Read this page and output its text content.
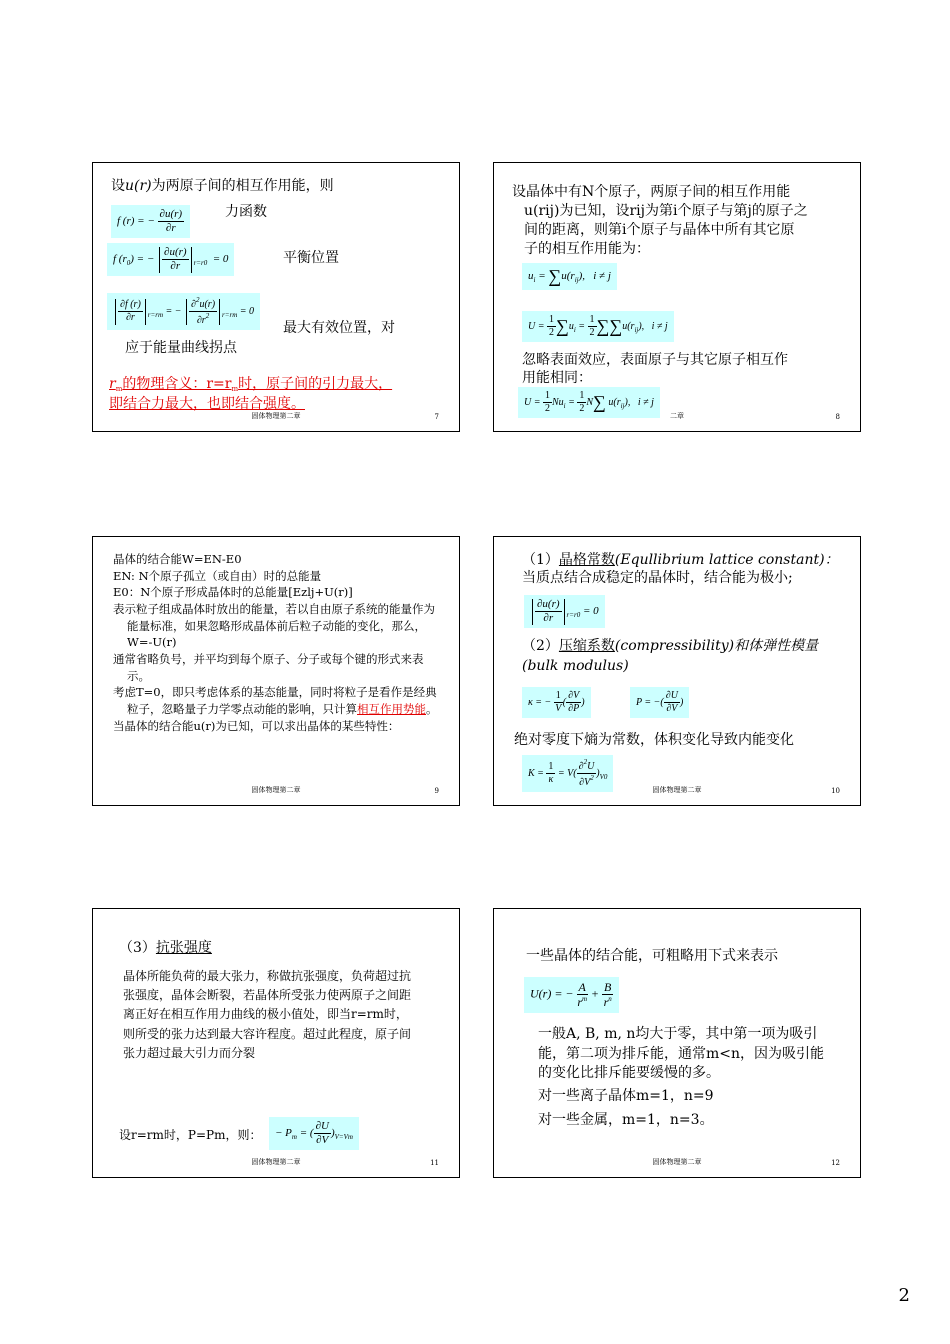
设u(r)为两原子间的相互作用能，则
f (r) = − $\frac{\partial u(r)}{\partial r}$	力函数
f $(r_0)$ = − $\frac{\partial u(r)}{\partial r} _{r=r0} = 0$	平衡位置
$\frac{\partial f (r)}{\partial r} _{r=rm}$ = − $\frac{\partial^2u(r)}{\partial r^2} _{r=rm} = 0$
最大有效位置，对
应于能量曲线拐点
$r_m$的物理含义：$r=r_m$时，原子间的引力最大，
即结合力最大，也即结合强度。
固体物理第二章	7
设晶体中有N个原子，两原子间的相互作用能
u(rij)为已知，设rij为第i个原子与第j的原子之
间的距离，则第i个原子与晶体中所有其它原
子的相互作用能为：
$u_i = \sum u(r_{ij})$,   i ≠ j
$U = \frac{1}{2} \sum u_i = \frac{1}{2} \sum\sum u(r_{ij})$,   i ≠ j
忽略表面效应，表面原子与其它原子相互作
用能相同：
$U = \frac{1}{2} Nu_i = \frac{1}{2} N\sum$ $u(r_{ij})$,   i ≠ j
二章	8
晶体的结合能W=EN-E0
EN: N个原子孤立（或自由）时的总能量
E0：N个原子形成晶体时的总能量[Ezlj+U(r)]
表示粒子组成晶体时放出的能量，若以自由原子系统的能量作为能量标准，如果忽略形成晶体前后粒子动能的变化，那么， W=-U(r)
通常省略负号，并平均到每个原子、分子或每个键的形式来表示。
考虑T=0，即只考虑体系的基态能量，同时将粒子是看作是经典粒子，忽略量子力学零点动能的影响，只计算相互作用势能。
当晶体的结合能u(r)为已知，可以求出晶体的某些特性：
固体物理第二章	9
（1）晶格常数(Equllibrium lattice constant)：
当质点结合成稳定的晶体时，结合能为极小;
$\frac{\partial u(r)}{\partial r} _{r=r0} = 0$
（2）压缩系数(compressibility)和体弹性模量
(bulk modulus)
κ = − $\frac{1}{V}$ ( $\frac{\partial V}{\partial P}$ )	P = −( $\frac{\partial U}{\partial V}$ )
绝对零度下熵为常数，体积变化导致内能变化
$K = \frac{1}{\kappa} = V( \frac{\partial^2U}{\partial V^2} )_{V0}$
固体物理第二章	10
（3）抗张强度
晶体所能负荷的最大张力，称做抗张强度，负荷超过抗张强度，晶体会断裂，若晶体所受张力使两原子之间距离正好在相互作用力曲线的极小值处，即当r=rm时，则所受的张力达到最大容许程度。超过此程度，原子间张力超过最大引力而分裂
设r=rm时，P=Pm，则：	− $P_m$ = ( $\frac{\partial U}{\partial V} )_{V=Vm}$
固体物理第二章	11
一些晶体的结合能，可粗略用下式来表示
U(r) = − $\frac{A}{r^m} + \frac{B}{r^n}$
一般A, B, m, n均大于零，其中第一项为吸引能，第二项为排斥能，通常m<n，因为吸引能的变化比排斥能要缓慢的多。
对一些离子晶体m=1，n=9
对一些金属，m=1，n=3。
固体物理第二章	12
2
